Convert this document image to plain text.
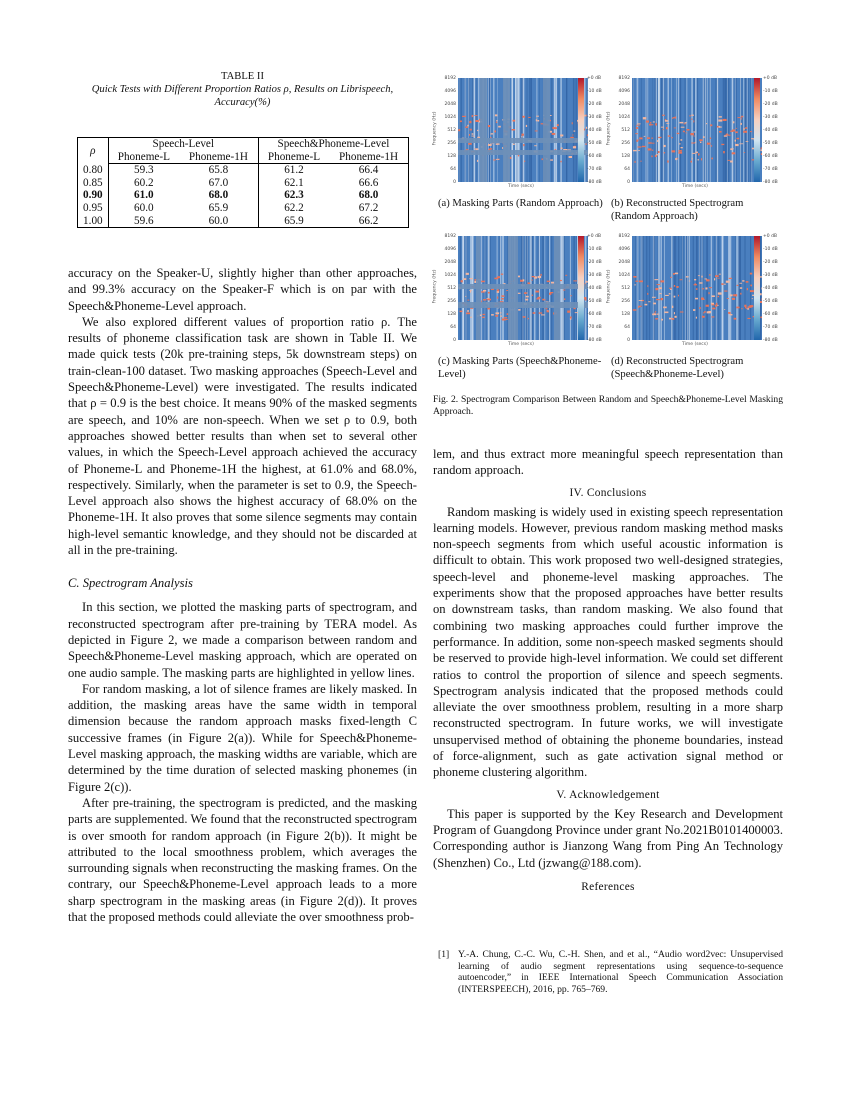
TABLE II
Quick Tests with Different Proportion Ratios ρ, Results on Librispeech, Accuracy(%)
ρ	Speech-Level		Speech&Phoneme-Level	
	Phoneme-L	Phoneme-1H	Phoneme-L	Phoneme-1H
0.80	59.3	65.8	61.2	66.4
0.85	60.2	67.0	62.1	66.6
0.90	61.0	68.0	62.3	68.0
0.95	60.0	65.9	62.2	67.2
1.00	59.6	60.0	65.9	66.2

accuracy on the Speaker-U, slightly higher than other approaches, and 99.3% accuracy on the Speaker-F which is on par with the Speech&Phoneme-Level approach.

We also explored different values of proportion ratio ρ. The results of phoneme classification task are shown in Table II. We made quick tests (20k pre-training steps, 5k downstream steps) on train-clean-100 dataset. Two masking approaches (Speech-Level and Speech&Phoneme-Level) were investigated. The results indicated that ρ = 0.9 is the best choice. It means 90% of the masked segments are speech, and 10% are non-speech. When we set ρ to 0.9, both approaches showed better results than when set to several other values, in which the Speech-Level approach achieved the accuracy of Phoneme-L and Phoneme-1H the highest, at 61.0% and 68.0%, respectively. Similarly, when the parameter is set to 0.9, the Speech-Level approach also shows the highest accuracy of 68.0% on the Phoneme-1H. It also proves that some silence segments may contain high-level semantic knowledge, and they should not be discarded at all in the pre-training.

C. Spectrogram Analysis

In this section, we plotted the masking parts of spectrogram, and reconstructed spectrogram after pre-training by TERA model. As depicted in Figure 2, we made a comparison between random and Speech&Phoneme-Level masking approach, which are operated on one audio sample. The masking parts are highlighted in yellow lines.

For random masking, a lot of silence frames are likely masked. In addition, the masking areas have the same width in temporal dimension because the random approach masks fixed-length C successive frames (in Figure 2(a)). While for Speech&Phoneme-Level masking approach, the masking widths are variable, which are determined by the time duration of selected masking phonemes (in Figure 2(c)).

After pre-training, the spectrogram is predicted, and the masking parts are supplemented. We found that the reconstructed spectrogram is over smooth for random approach (in Figure 2(b)). It might be attributed to the local smoothness problem, which averages the surrounding signals when reconstructing the masking frames. On the contrary, our Speech&Phoneme-Level approach leads to a more sharp spectrogram in the masking areas (in Figure 2(d)). It proves that the proposed methods could alleviate the over smoothness prob-

8192
4096
2048
1024
512
256
128
64
0
Frequency (Hz)
Time (secs)
+0 dB
-10 dB
-20 dB
-30 dB
-40 dB
-50 dB
-60 dB
-70 dB
-80 dB
8192
4096
2048
1024
512
256
128
64
0
Frequency (Hz)
Time (secs)
+0 dB
-10 dB
-20 dB
-30 dB
-40 dB
-50 dB
-60 dB
-70 dB
-80 dB
8192
4096
2048
1024
512
256
128
64
0
Frequency (Hz)
Time (secs)
+0 dB
-10 dB
-20 dB
-30 dB
-40 dB
-50 dB
-60 dB
-70 dB
-80 dB
8192
4096
2048
1024
512
256
128
64
0
Frequency (Hz)
Time (secs)
+0 dB
-10 dB
-20 dB
-30 dB
-40 dB
-50 dB
-60 dB
-70 dB
-80 dB
(a) Masking Parts (Random Approach) (b) Reconstructed Spectrogram (Random Approach)
(c) Masking Parts (Speech&Phoneme-Level)
(d) Reconstructed Spectrogram (Speech&Phoneme-Level)
Fig. 2. Spectrogram Comparison Between Random and Speech&Phoneme-Level Masking Approach.

lem, and thus extract more meaningful speech representation than random approach.

IV. Conclusions

Random masking is widely used in existing speech representation learning models. However, previous random masking method masks non-speech segments from which useful acoustic information is difficult to obtain. This work proposed two well-designed strategies, speech-level and phoneme-level masking approaches. The experiments show that the proposed approaches have better results on downstream tasks, than random masking. We also found that combining two masking approaches could further improve the performance. In addition, some non-speech masked segments should be reserved to provide high-level information. We could set different ratios to control the proportion of silence and speech segments. Spectrogram analysis indicated that the proposed methods could alleviate the over smoothness problem, resulting in a more sharp reconstructed spectrogram. In future works, we will investigate unsupervised method of obtaining the phoneme boundaries, instead of force-alignment, such as gate activation signal method or phoneme clustering algorithm.

V. Acknowledgement

This paper is supported by the Key Research and Development Program of Guangdong Province under grant No.2021B0101400003. Corresponding author is Jianzong Wang from Ping An Technology (Shenzhen) Co., Ltd (jzwang@188.com).

References
[1] Y.-A. Chung, C.-C. Wu, C.-H. Shen, and et al., “Audio word2vec: Unsupervised learning of audio segment representations using sequence-to-sequence autoencoder,” in IEEE International Speech Communication Association (INTERSPEECH), 2016, pp. 765–769.
